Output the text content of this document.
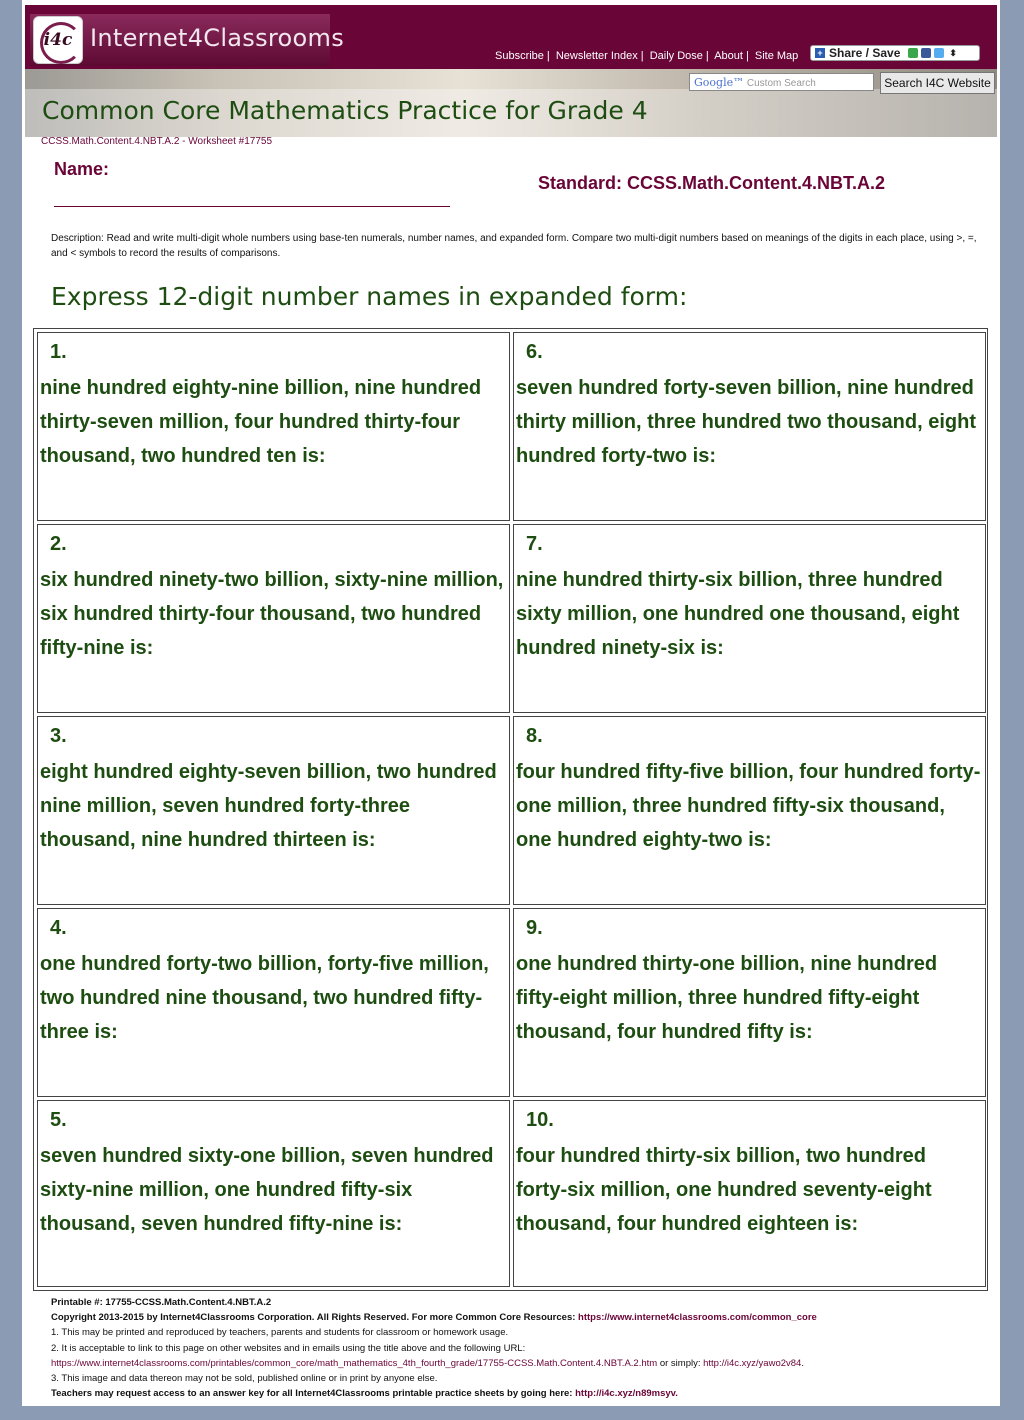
i4c Internet4Classrooms
Subscribe | Newsletter Index | Daily Dose | About | Site Map + Share / Save	⬍
Google™ Custom Search	Search I4C Website
Common Core Mathematics Practice for Grade 4
CCSS.Math.Content.4.NBT.A.2 - Worksheet #17755
Name:
Standard: CCSS.Math.Content.4.NBT.A.2
Description: Read and write multi-digit whole numbers using base-ten numerals, number names, and expanded form. Compare two multi-digit numbers based on meanings of the digits in each place, using >, =, and < symbols to record the results of comparisons.
Express 12-digit number names in expanded form:
1.
nine hundred eighty-nine billion, nine hundred thirty-seven million, four hundred thirty-four thousand, two hundred ten is:
2.
six hundred ninety-two billion, sixty-nine million, six hundred thirty-four thousand, two hundred fifty-nine is:
3.
eight hundred eighty-seven billion, two hundred nine million, seven hundred forty-three thousand, nine hundred thirteen is:
4.
one hundred forty-two billion, forty-five million, two hundred nine thousand, two hundred fifty-three is:
5.
seven hundred sixty-one billion, seven hundred sixty-nine million, one hundred fifty-six thousand, seven hundred fifty-nine is:
6.
seven hundred forty-seven billion, nine hundred thirty million, three hundred two thousand, eight hundred forty-two is:
7.
nine hundred thirty-six billion, three hundred sixty million, one hundred one thousand, eight hundred ninety-six is:
8.
four hundred fifty-five billion, four hundred forty-one million, three hundred fifty-six thousand, one hundred eighty-two is:
9.
one hundred thirty-one billion, nine hundred fifty-eight million, three hundred fifty-eight thousand, four hundred fifty is:
10.
four hundred thirty-six billion, two hundred forty-six million, one hundred seventy-eight thousand, four hundred eighteen is:
Printable #: 17755-CCSS.Math.Content.4.NBT.A.2
Copyright 2013-2015 by Internet4Classrooms Corporation. All Rights Reserved. For more Common Core Resources: https://www.internet4classrooms.com/common_core
1. This may be printed and reproduced by teachers, parents and students for classroom or homework usage.
2. It is acceptable to link to this page on other websites and in emails using the title above and the following URL:
https://www.internet4classrooms.com/printables/common_core/math_mathematics_4th_fourth_grade/17755-CCSS.Math.Content.4.NBT.A.2.htm or simply: http://i4c.xyz/yawo2v84.
3. This image and data thereon may not be sold, published online or in print by anyone else.
Teachers may request access to an answer key for all Internet4Classrooms printable practice sheets by going here: http://i4c.xyz/n89msyv.
